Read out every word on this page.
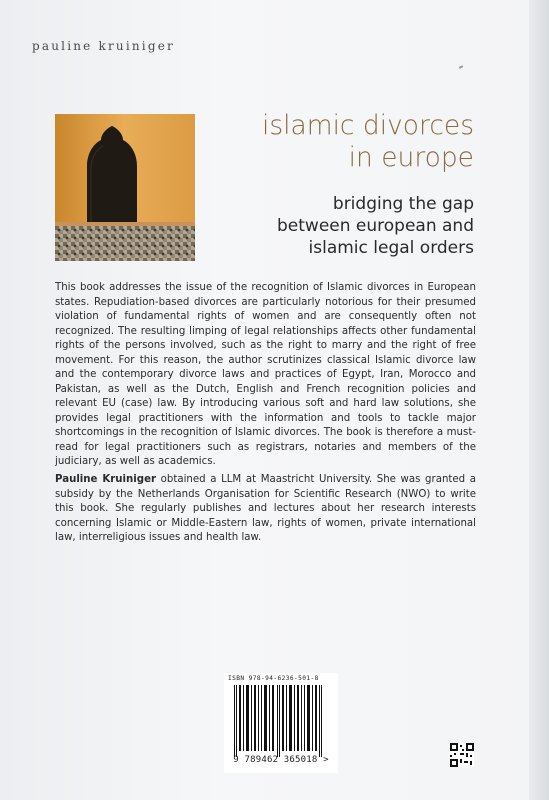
pauline kruiniger
islamic divorces
in europe
bridging the gap
between european and
islamic legal orders
This book addresses the issue of the recognition of Islamic divorces in European states. Repudiation-based divorces are particularly notorious for their presumed violation of fundamental rights of women and are consequently often not recognized. The resulting limping of legal relationships affects other fundamental rights of the persons involved, such as the right to marry and the right of free movement. For this reason, the author scrutinizes classical Islamic divorce law and the contemporary divorce laws and practices of Egypt, Iran, Morocco and Pakistan, as well as the Dutch, English and French recognition policies and relevant EU (case) law. By introducing various soft and hard law solutions, she provides legal practitioners with the information and tools to tackle major shortcomings in the recognition of Islamic divorces. The book is therefore a must-read for legal practitioners such as registrars, notaries and members of the judiciary, as well as academics.
Pauline Kruiniger obtained a LLM at Maastricht University. She was granted a subsidy by the Netherlands Organisation for Scientific Research (NWO) to write this book. She regularly publishes and lectures about her research interests concerning Islamic or Middle-Eastern law, rights of women, private international law, interreligious issues and health law.
ISBN 978-94-6236-501-8
9 789462 365018 >
